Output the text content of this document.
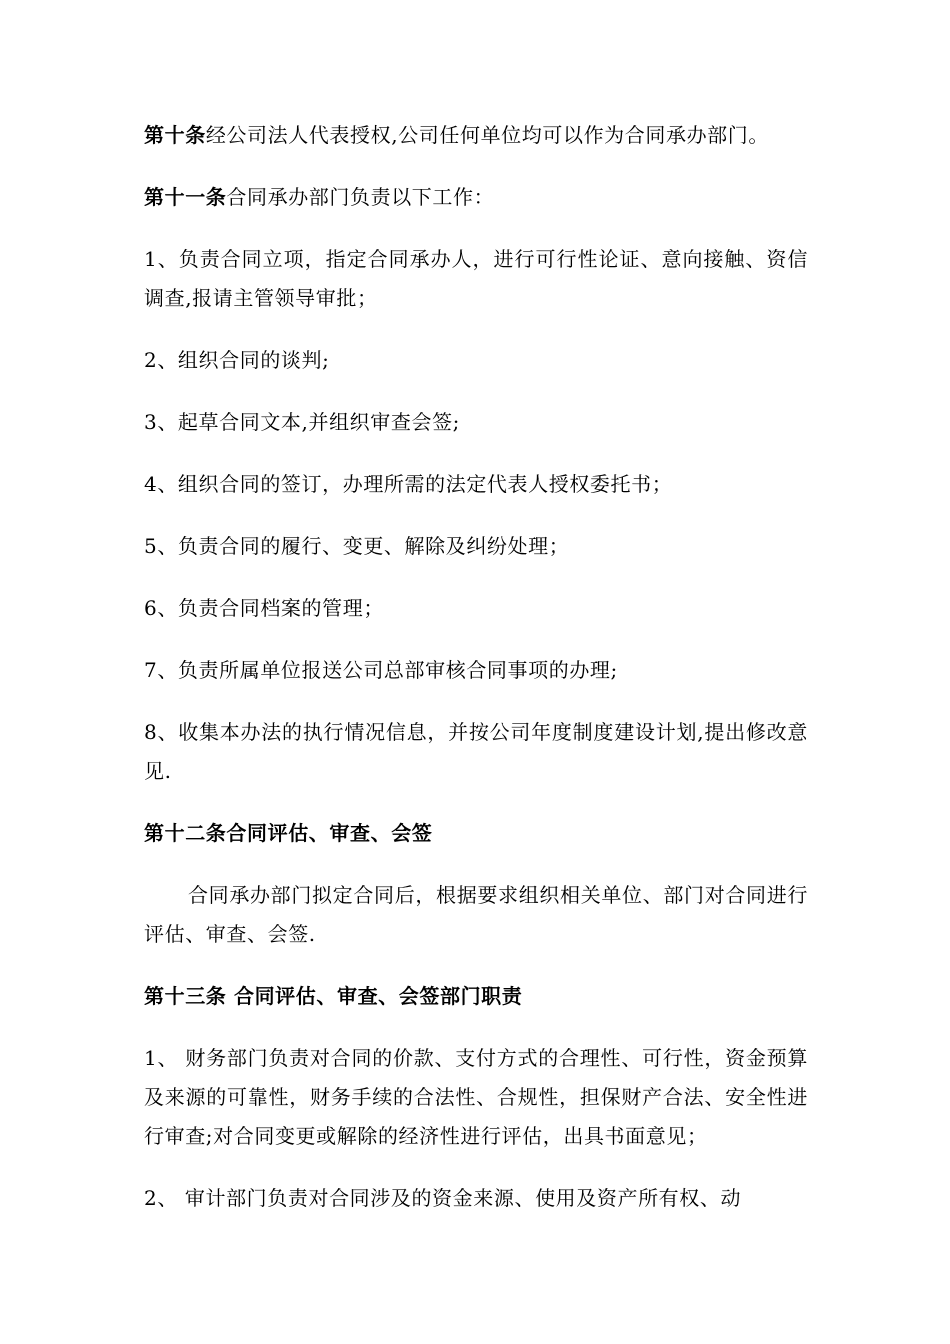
第十条经公司法人代表授权,公司任何单位均可以作为合同承办部门。

第十一条合同承办部门负责以下工作：

1、负责合同立项，指定合同承办人，进行可行性论证、意向接触、资信调查,报请主管领导审批；

2、组织合同的谈判;

3、起草合同文本,并组织审查会签;

4、组织合同的签订，办理所需的法定代表人授权委托书；

5、负责合同的履行、变更、解除及纠纷处理；

6、负责合同档案的管理；

7、负责所属单位报送公司总部审核合同事项的办理;

8、收集本办法的执行情况信息，并按公司年度制度建设计划,提出修改意见.

第十二条合同评估、审查、会签

合同承办部门拟定合同后，根据要求组织相关单位、部门对合同进行评估、审查、会签.

第十三条 合同评估、审查、会签部门职责

1、 财务部门负责对合同的价款、支付方式的合理性、可行性，资金预算及来源的可靠性，财务手续的合法性、合规性，担保财产合法、安全性进行审查;对合同变更或解除的经济性进行评估，出具书面意见；

2、 审计部门负责对合同涉及的资金来源、使用及资产所有权、动
